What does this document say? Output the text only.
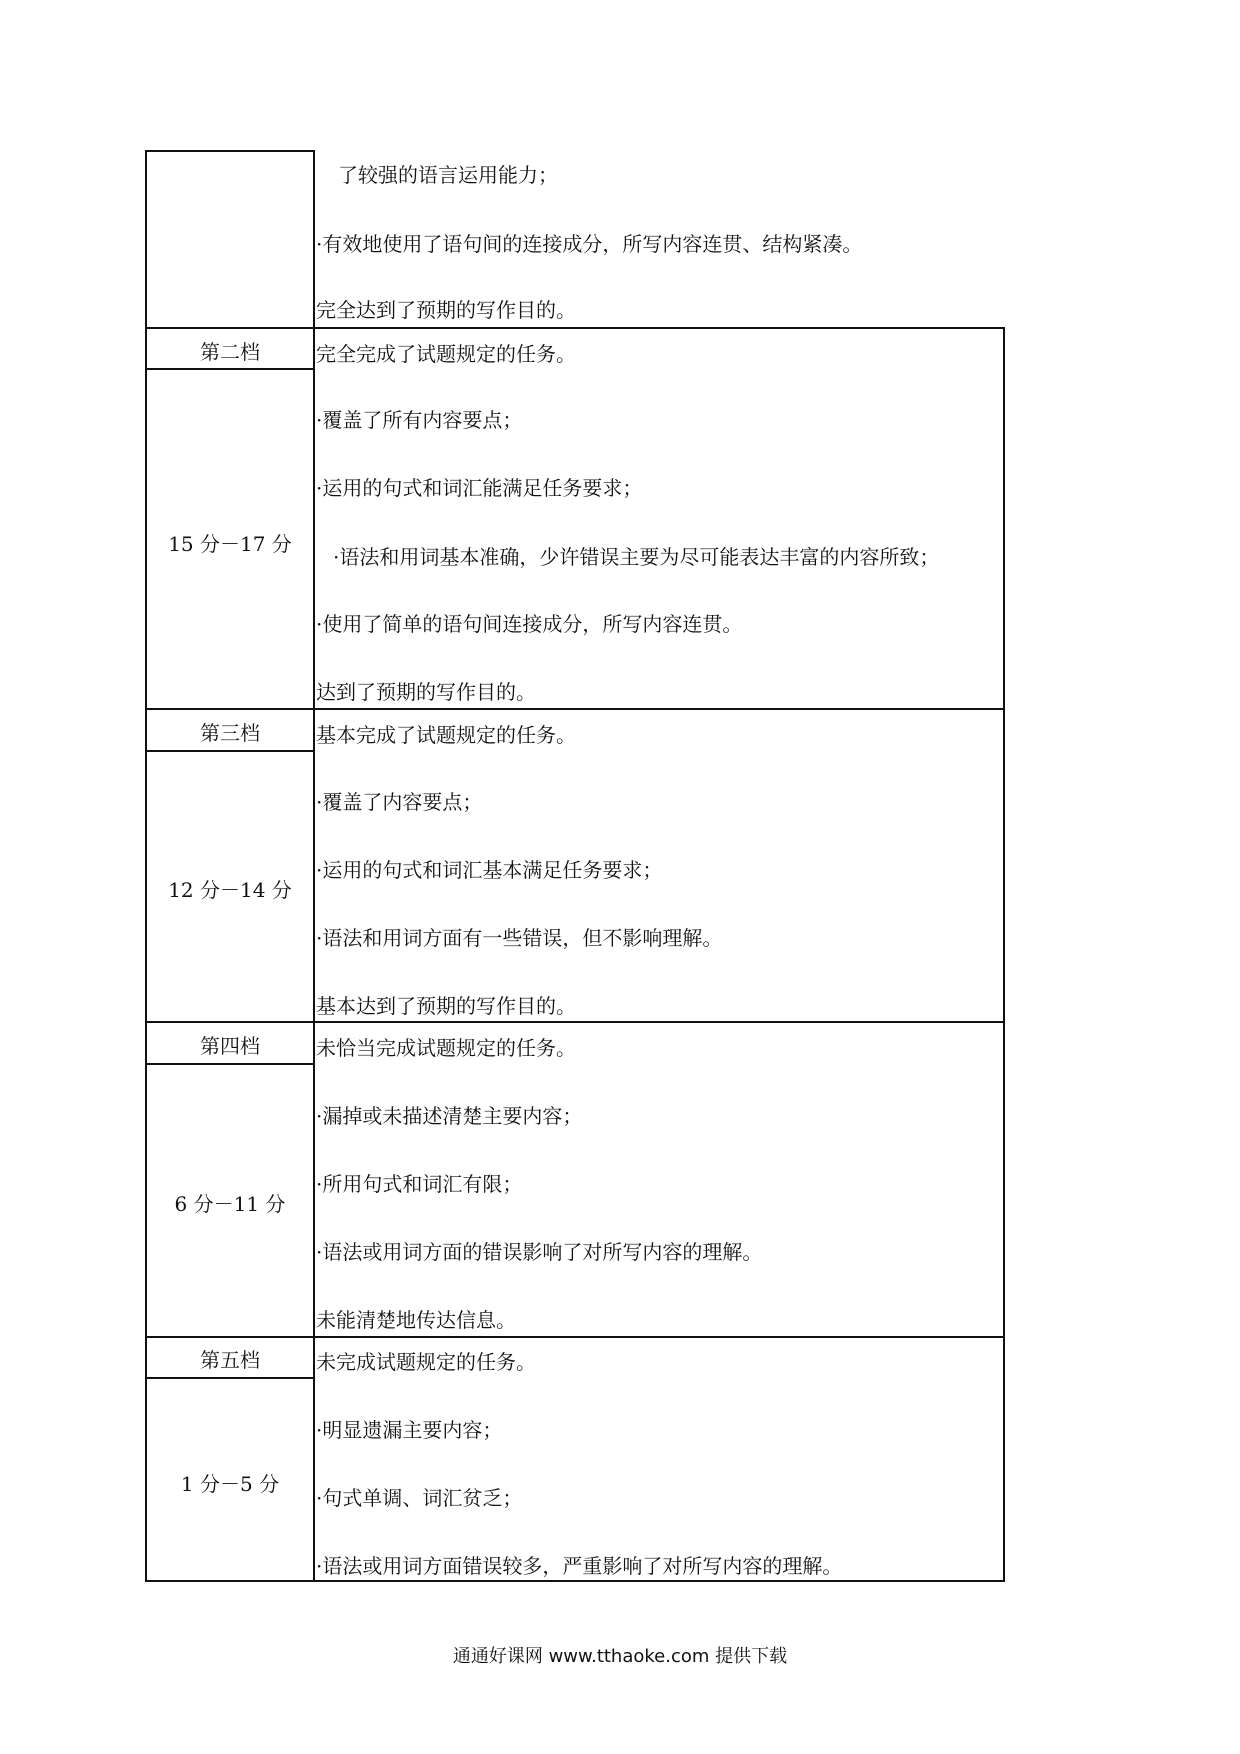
了较强的语言运用能力；
·有效地使用了语句间的连接成分，所写内容连贯、结构紧凑。
完全达到了预期的写作目的。
第二档
15 分－17 分
完全完成了试题规定的任务。
·覆盖了所有内容要点；
·运用的句式和词汇能满足任务要求；
·语法和用词基本准确，少许错误主要为尽可能表达丰富的内容所致；
·使用了简单的语句间连接成分，所写内容连贯。
达到了预期的写作目的。
第三档
12 分－14 分
基本完成了试题规定的任务。
·覆盖了内容要点；
·运用的句式和词汇基本满足任务要求；
·语法和用词方面有一些错误，但不影响理解。
基本达到了预期的写作目的。
第四档
6 分－11 分
未恰当完成试题规定的任务。
·漏掉或未描述清楚主要内容；
·所用句式和词汇有限；
·语法或用词方面的错误影响了对所写内容的理解。
未能清楚地传达信息。
第五档
1 分－5 分
未完成试题规定的任务。
·明显遗漏主要内容；
·句式单调、词汇贫乏；
·语法或用词方面错误较多，严重影响了对所写内容的理解。
通通好课网 www.tthaoke.com 提供下载
